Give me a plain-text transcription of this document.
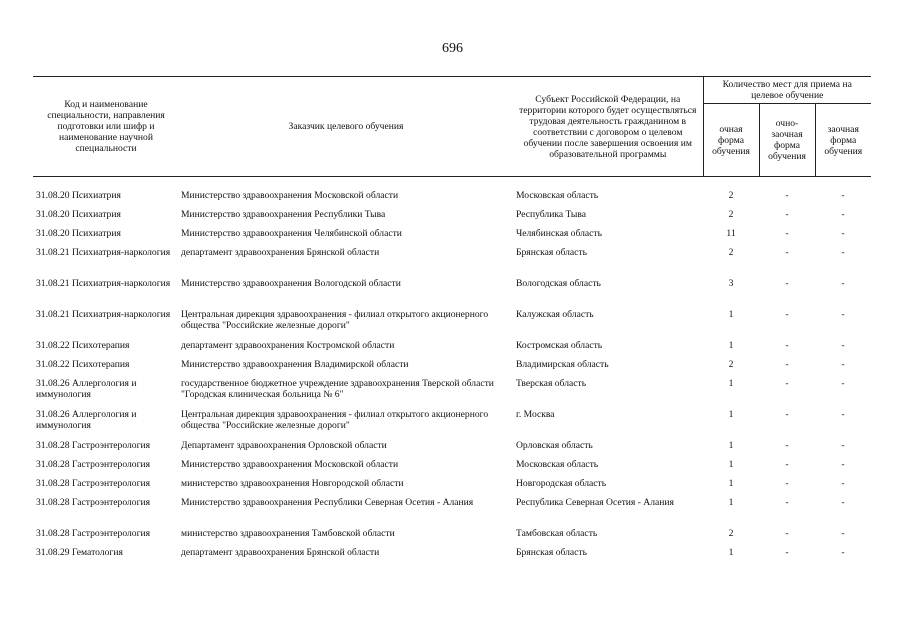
696
Код и наименование специальности, направления подготовки или шифр и наименование научной специальности	Заказчик целевого обучения	Субъект Российской Федерации, на территории которого будет осуществляться трудовая деятельность гражданином в соответствии с договором о целевом обучении после завершения освоения им образовательной программы	Количество мест для приема на целевое обучение		
			очная форма обучения	очно-заочная форма обучения	заочная форма обучения

31.08.20 Психиатрия	Министерство здравоохранения Московской области	Московская область	2	-	-
31.08.20 Психиатрия	Министерство здравоохранения Республики Тыва	Республика Тыва	2	-	-
31.08.20 Психиатрия	Министерство здравоохранения Челябинской области	Челябинская область	11	-	-
31.08.21 Психиатрия-наркология	департамент здравоохранения Брянской области	Брянская область	2	-	-
31.08.21 Психиатрия-наркология	Министерство здравоохранения Вологодской области	Вологодская область	3	-	-
31.08.21 Психиатрия-наркология	Центральная дирекция здравоохранения - филиал открытого акционерного общества "Российские железные дороги"	Калужская область	1	-	-
31.08.22 Психотерапия	департамент здравоохранения Костромской области	Костромская область	1	-	-
31.08.22 Психотерапия	Министерство здравоохранения Владимирской области	Владимирская область	2	-	-
31.08.26 Аллергология и иммунология	государственное бюджетное учреждение здравоохранения Тверской области "Городская клиническая больница № 6"	Тверская область	1	-	-
31.08.26 Аллергология и иммунология	Центральная дирекция здравоохранения - филиал открытого акционерного общества "Российские железные дороги"	г. Москва	1	-	-
31.08.28 Гастроэнтерология	Департамент здравоохранения Орловской области	Орловская область	1	-	-
31.08.28 Гастроэнтерология	Министерство здравоохранения Московской области	Московская область	1	-	-
31.08.28 Гастроэнтерология	министерство здравоохранения Новгородской области	Новгородская область	1	-	-
31.08.28 Гастроэнтерология	Министерство здравоохранения Республики Северная Осетия - Алания	Республика Северная Осетия - Алания	1	-	-
31.08.28 Гастроэнтерология	министерство здравоохранения Тамбовской области	Тамбовская область	2	-	-
31.08.29 Гематология	департамент здравоохранения Брянской области	Брянская область	1	-	-
